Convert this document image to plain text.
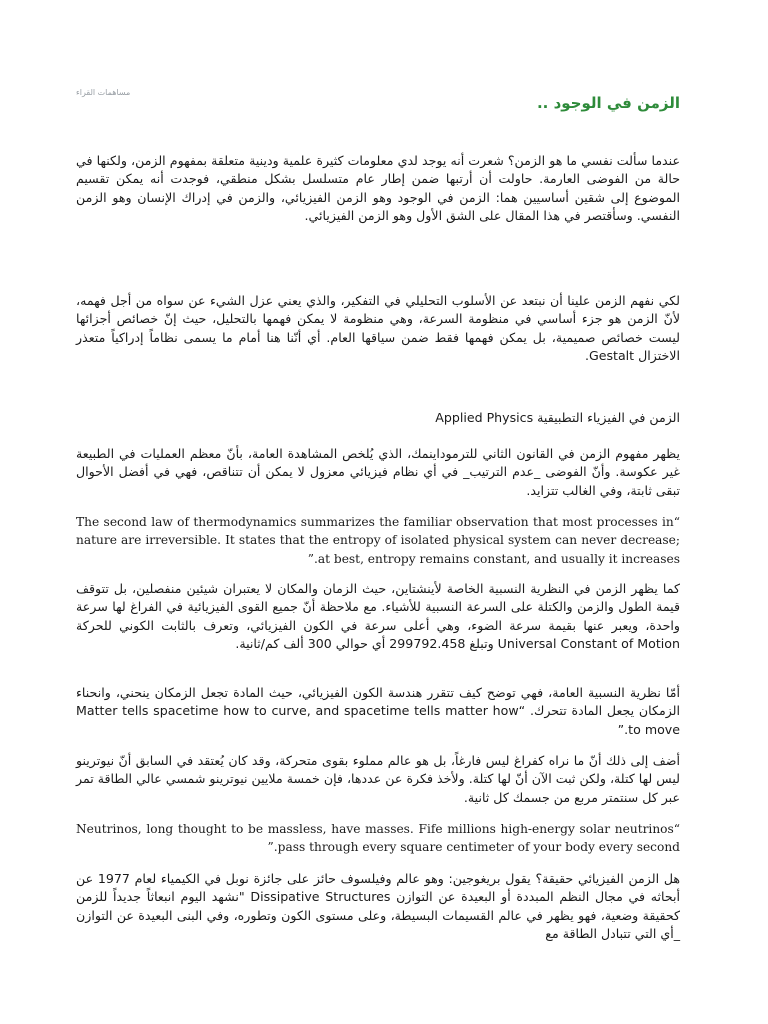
مساهمات القراء
الزمن في الوجود ..

عندما سألت نفسي ما هو الزمن؟ شعرت أنه يوجد لدي معلومات كثيرة علمية ودينية متعلقة بمفهوم الزمن، ولكنها في حالة من الفوضى العارمة. حاولت أن أرتبها ضمن إطار عام متسلسل بشكل منطقي، فوجدت أنه يمكن تقسيم الموضوع إلى شقين أساسيين هما: الزمن في الوجود وهو الزمن الفيزيائي، والزمن في إدراك الإنسان وهو الزمن النفسي. وسأقتصر في هذا المقال على الشق الأول وهو الزمن الفيزيائي.

لكي نفهم الزمن علينا أن نبتعد عن الأسلوب التحليلي في التفكير، والذي يعني عزل الشيء عن سواه من أجل فهمه، لأنّ الزمن هو جزء أساسي في منظومة السرعة، وهي منظومة لا يمكن فهمها بالتحليل، حيث إنّ خصائص أجزائها ليست خصائص صميمية، بل يمكن فهمها فقط ضمن سياقها العام. أي أنّنا هنا أمام ما يسمى نظاماً إدراكياً متعذر الاختزال Gestalt.

الزمن في الفيزياء التطبيقية Applied Physics

يظهر مفهوم الزمن في القانون الثاني للترموداينمك، الذي يُلخص المشاهدة العامة، بأنّ معظم العمليات في الطبيعة غير عكوسة. وأنّ الفوضى _عدم الترتيب_ في أي نظام فيزيائي معزول لا يمكن أن تتناقص، فهي في أفضل الأحوال تبقى ثابتة، وفي الغالب تتزايد.

“The second law of thermodynamics summarizes the familiar observation that most processes in nature are irreversible. It states that the entropy of isolated physical system can never decrease; at best, entropy remains constant, and usually it increases.”

كما يظهر الزمن في النظرية النسبية الخاصة لأينشتاين، حيث الزمان والمكان لا يعتبران شيئين منفصلين، بل تتوقف قيمة الطول والزمن والكتلة على السرعة النسبية للأشياء. مع ملاحظة أنّ جميع القوى الفيزيائية في الفراغ لها سرعة واحدة، ويعبر عنها بقيمة سرعة الضوء، وهي أعلى سرعة في الكون الفيزيائي، وتعرف بالثابت الكوني للحركة Universal Constant of Motion وتبلغ 299792.458 أي حوالي 300 ألف كم/ثانية.

أمّا نظرية النسبية العامة، فهي توضح كيف تتقرر هندسة الكون الفيزيائي، حيث المادة تجعل الزمكان ينحني، وانحناء الزمكان يجعل المادة تتحرك. “Matter tells spacetime how to curve, and spacetime tells matter how to move.”

أضف إلى ذلك أنّ ما نراه كفراغ ليس فارغاً، بل هو عالم مملوء بقوى متحركة، وقد كان يُعتقد في السابق أنّ نيوترينو ليس لها كتلة، ولكن ثبت الآن أنّ لها كتلة. ولأخذ فكرة عن عددها، فإن خمسة ملايين نيوترينو شمسي عالي الطاقة تمر عبر كل سنتمتر مربع من جسمك كل ثانية.

“Neutrinos, long thought to be massless, have masses. Fife millions high-energy solar neutrinos pass through every square centimeter of your body every second.”

هل الزمن الفيزيائي حقيقة؟ يقول بريغوجين: وهو عالم وفيلسوف حائز على جائزة نوبل في الكيمياء لعام 1977 عن أبحاثه في مجال النظم المبددة أو البعيدة عن التوازن Dissipative Structures "نشهد اليوم انبعاثاً جديداً للزمن كحقيقة وضعية، فهو يظهر في عالم القسيمات البسيطة، وعلى مستوى الكون وتطوره، وفي البنى البعيدة عن التوازن _أي التي تتبادل الطاقة مع
